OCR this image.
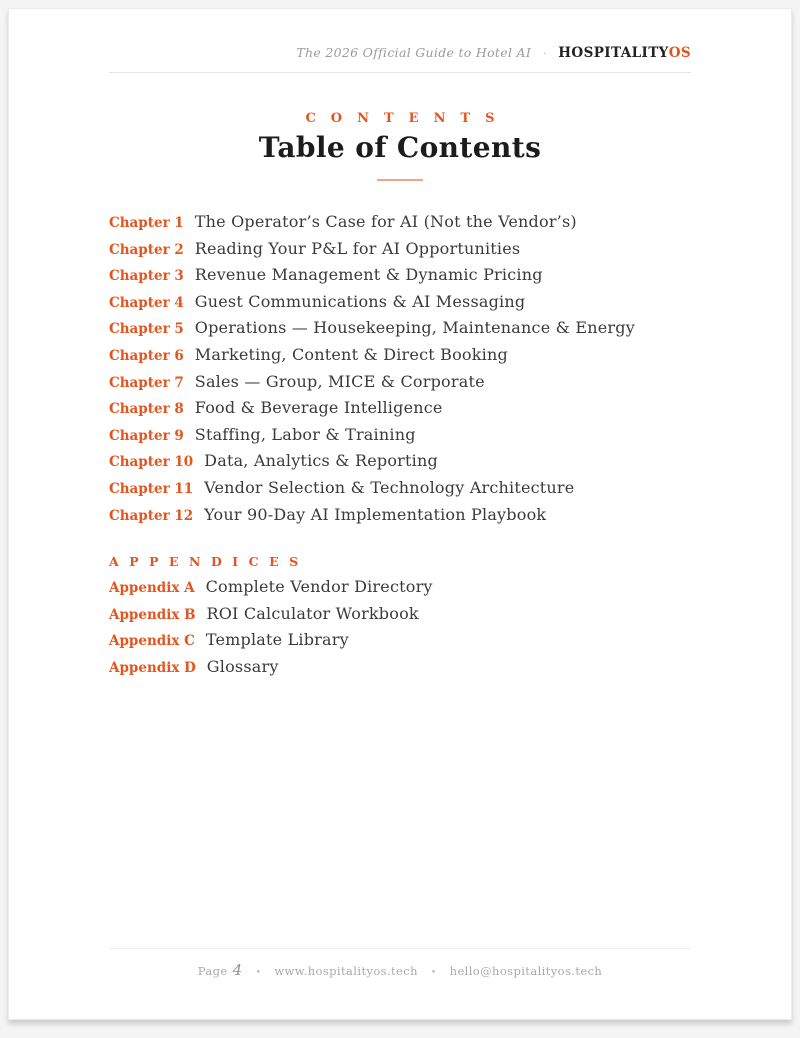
The 2026 Official Guide to Hotel AI · HOSPITALITYOS
CONTENTS
Table of Contents
Chapter 1 The Operator’s Case for AI (Not the Vendor’s)
Chapter 2 Reading Your P&L for AI Opportunities
Chapter 3 Revenue Management & Dynamic Pricing
Chapter 4 Guest Communications & AI Messaging
Chapter 5 Operations — Housekeeping, Maintenance & Energy
Chapter 6 Marketing, Content & Direct Booking
Chapter 7 Sales — Group, MICE & Corporate
Chapter 8 Food & Beverage Intelligence
Chapter 9 Staffing, Labor & Training
Chapter 10 Data, Analytics & Reporting
Chapter 11 Vendor Selection & Technology Architecture
Chapter 12 Your 90-Day AI Implementation Playbook
APPENDICES
Appendix A Complete Vendor Directory
Appendix B ROI Calculator Workbook
Appendix C Template Library
Appendix D Glossary
Page 4 • www.hospitalityos.tech • hello@hospitalityos.tech
